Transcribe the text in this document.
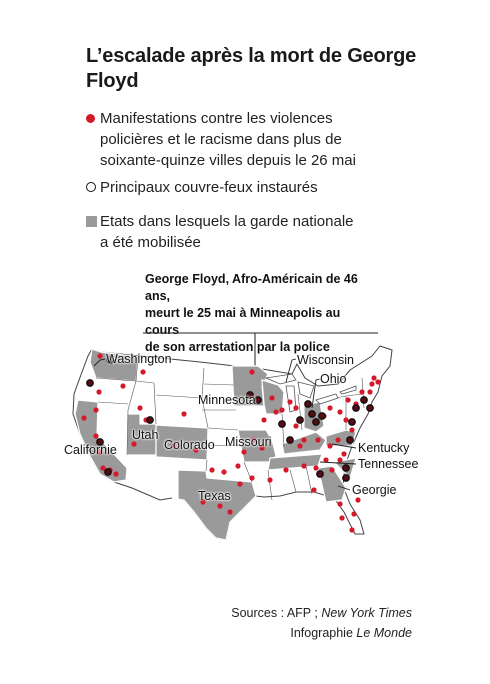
L’escalade après la mort de George Floyd
Manifestations contre les violences
policières et le racisme dans plus de
soixante-quinze villes depuis le 26 mai
Principaux couvre-feux instaurés
Etats dans lesquels la garde nationale
a été mobilisée
George Floyd, Afro-Américain de 46 ans,
meurt le 25 mai à Minneapolis au cours
de son arrestation par la police
Washington	Wisconsin
Ohio
Minnesota
Utah
Colorado Missouri
Californie	Kentucky
Tennessee
Texas	Georgie
Sources : AFP ; New York Times
Infographie Le Monde
